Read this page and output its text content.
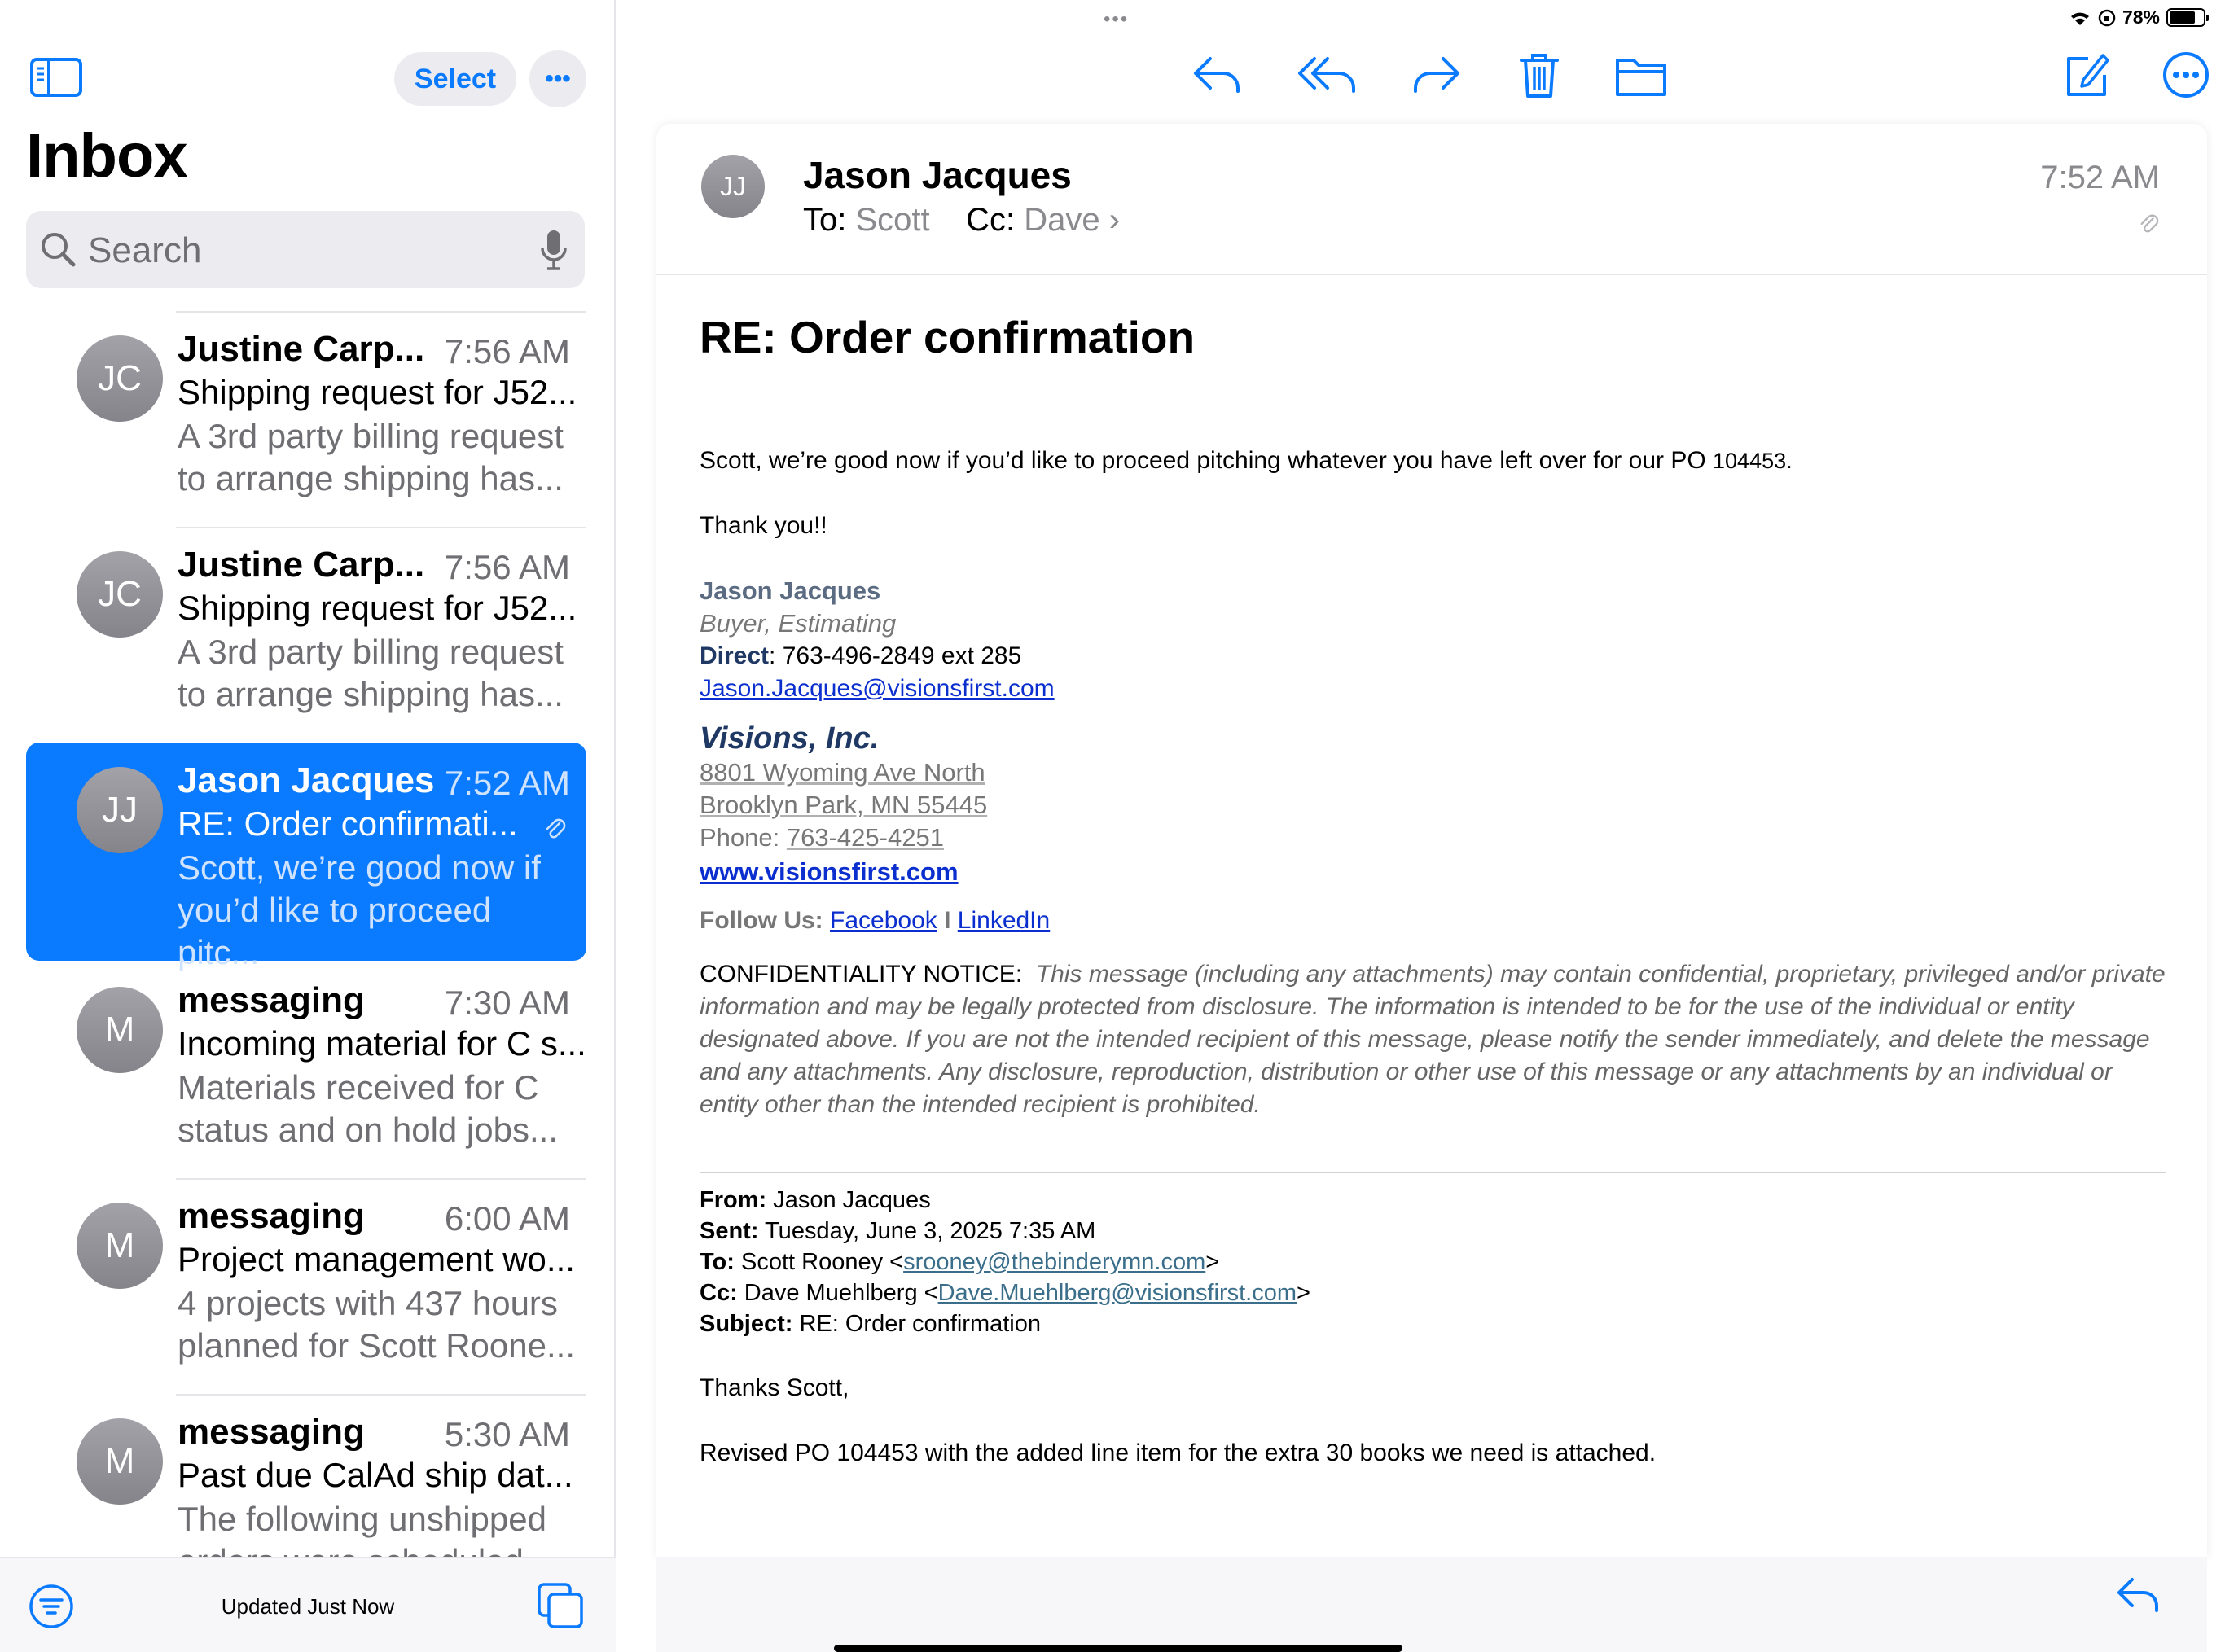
•••	78%
Select	•••
Inbox
Search
JC
Justine Carp... 7:56 AM
Shipping request for J52...
A 3rd party billing request to arrange shipping has...
JC
Justine Carp... 7:56 AM
Shipping request for J52...
A 3rd party billing request to arrange shipping has...
JJ
Jason Jacques 7:52 AM
RE: Order confirmati...
Scott, we’re good now if you’d like to proceed pitc...
M
messaging 7:30 AM
Incoming material for C s...
Materials received for C status and on hold jobs...
M
messaging 6:00 AM
Project management wo...
4 projects with 437 hours planned for Scott Roone...
M
messaging 5:30 AM
Past due CalAd ship dat...
The following unshipped
Updated Just Now
JJ	Jason Jacques
To: Scott Cc: Dave ›
7:52 AM
RE: Order confirmation

Scott, we’re good now if you’d like to proceed pitching whatever you have left over for our PO 104453.

Thank you!!

Jason Jacques
Buyer, Estimating
Direct: 763-496-2849 ext 285
Jason.Jacques@visionsfirst.com
Visions, Inc.
8801 Wyoming Ave North
Brooklyn Park, MN 55445
Phone: 763-425-4251
www.visionsfirst.com
Follow Us: Facebook I LinkedIn

CONFIDENTIALITY NOTICE: This message (including any attachments) may contain confidential, proprietary, privileged and/or private information and may be legally protected from disclosure. The information is intended to be for the use of the individual or entity designated above. If you are not the intended recipient of this message, please notify the sender immediately, and delete the message and any attachments. Any disclosure, reproduction, distribution or other use of this message or any attachments by an individual or entity other than the intended recipient is prohibited.

From: Jason Jacques
Sent: Tuesday, June 3, 2025 7:35 AM
To: Scott Rooney <srooney@thebinderymn.com>
Cc: Dave Muehlberg <Dave.Muehlberg@visionsfirst.com>
Subject: RE: Order confirmation

Thanks Scott,

Revised PO 104453 with the added line item for the extra 30 books we need is attached.
